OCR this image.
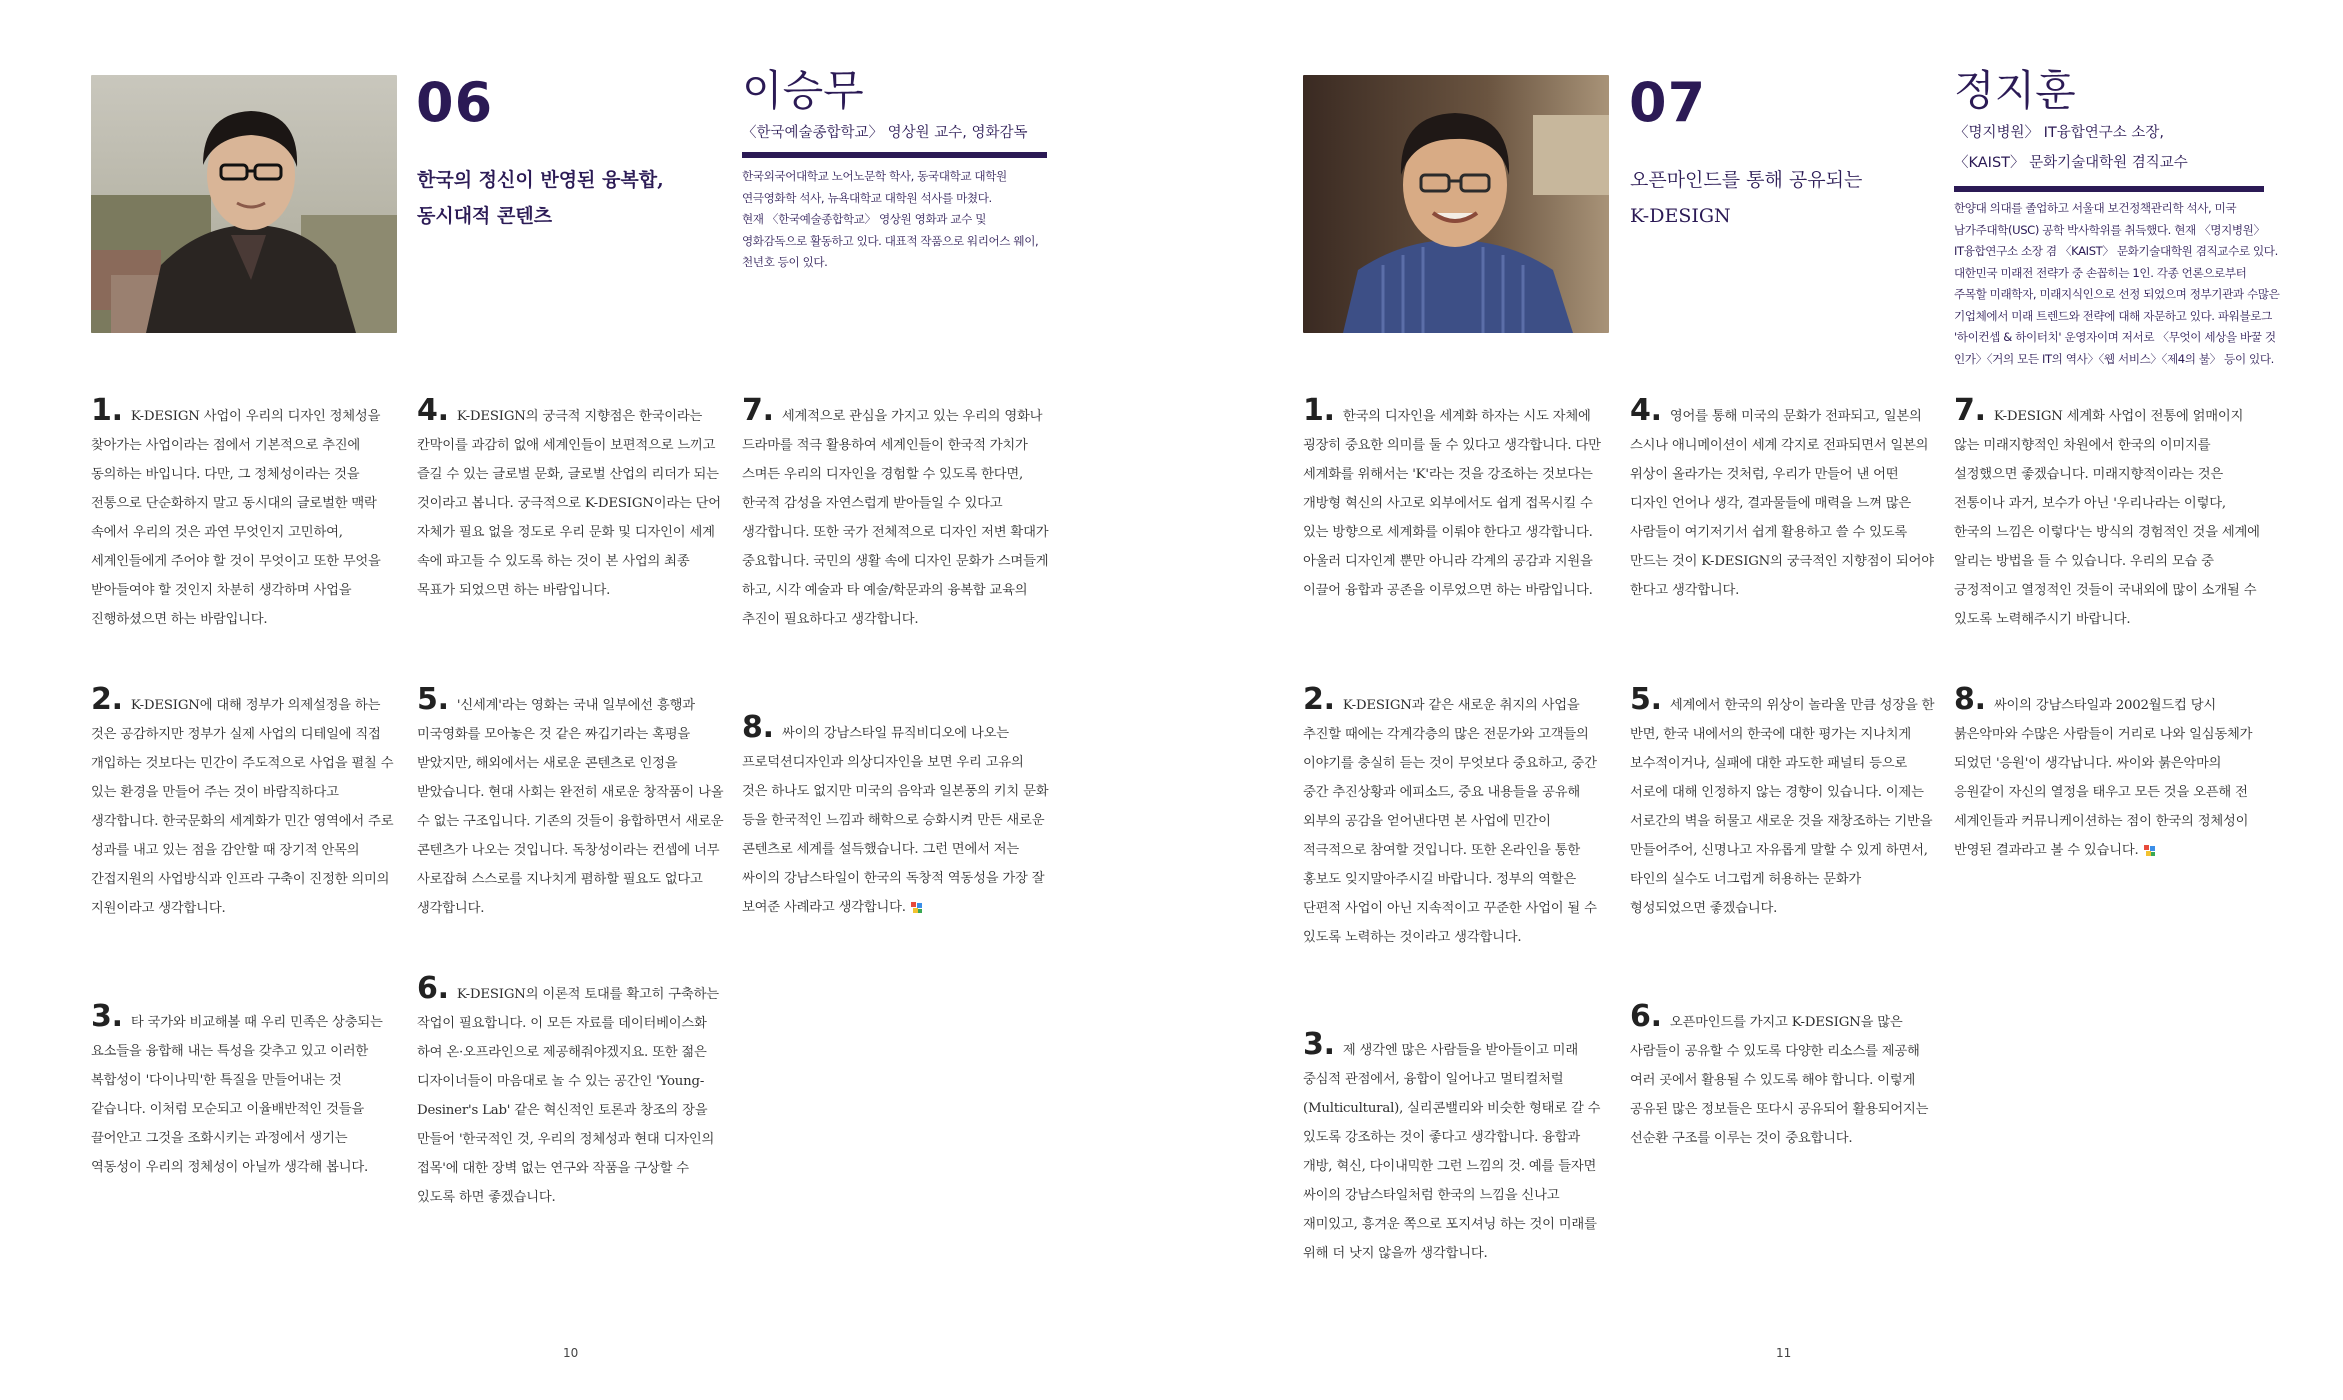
06
한국의 정신이 반영된 융복합,
동시대적 콘텐츠
이승무
〈한국예술종합학교〉 영상원 교수, 영화감독
한국외국어대학교 노어노문학 학사, 동국대학교 대학원
연극영화학 석사, 뉴욕대학교 대학원 석사를 마쳤다.
현재 〈한국예술종합학교〉 영상원 영화과 교수 및
영화감독으로 활동하고 있다. 대표적 작품으로 워리어스 웨이,
천년호 등이 있다.
1. K-DESIGN 사업이 우리의 디자인 정체성을 찾아가는 사업이라는 점에서 기본적으로 추진에 동의하는 바입니다. 다만, 그 정체성이라는 것을 전통으로 단순화하지 말고 동시대의 글로벌한 맥락 속에서 우리의 것은 과연 무엇인지 고민하여, 세계인들에게 주어야 할 것이 무엇이고 또한 무엇을 받아들여야 할 것인지 차분히 생각하며 사업을 진행하셨으면 하는 바람입니다.
2. K-DESIGN에 대해 정부가 의제설정을 하는 것은 공감하지만 정부가 실제 사업의 디테일에 직접 개입하는 것보다는 민간이 주도적으로 사업을 펼칠 수 있는 환경을 만들어 주는 것이 바람직하다고 생각합니다. 한국문화의 세계화가 민간 영역에서 주로 성과를 내고 있는 점을 감안할 때 장기적 안목의 간접지원의 사업방식과 인프라 구축이 진정한 의미의 지원이라고 생각합니다.
3. 타 국가와 비교해볼 때 우리 민족은 상충되는 요소들을 융합해 내는 특성을 갖추고 있고 이러한 복합성이 '다이나믹'한 특질을 만들어내는 것 같습니다. 이처럼 모순되고 이율배반적인 것들을 끌어안고 그것을 조화시키는 과정에서 생기는 역동성이 우리의 정체성이 아닐까 생각해 봅니다.
4. K-DESIGN의 궁극적 지향점은 한국이라는 칸막이를 과감히 없애 세계인들이 보편적으로 느끼고 즐길 수 있는 글로벌 문화, 글로벌 산업의 리더가 되는 것이라고 봅니다. 궁극적으로 K-DESIGN이라는 단어 자체가 필요 없을 정도로 우리 문화 및 디자인이 세계 속에 파고들 수 있도록 하는 것이 본 사업의 최종 목표가 되었으면 하는 바람입니다.
5. '신세계'라는 영화는 국내 일부에선 흥행과 미국영화를 모아놓은 것 같은 짜깁기라는 혹평을 받았지만, 해외에서는 새로운 콘텐츠로 인정을 받았습니다. 현대 사회는 완전히 새로운 창작품이 나올 수 없는 구조입니다. 기존의 것들이 융합하면서 새로운 콘텐츠가 나오는 것입니다. 독창성이라는 컨셉에 너무 사로잡혀 스스로를 지나치게 폄하할 필요도 없다고 생각합니다.
6. K-DESIGN의 이론적 토대를 확고히 구축하는 작업이 필요합니다. 이 모든 자료를 데이터베이스화 하여 온·오프라인으로 제공해줘야겠지요. 또한 젊은 디자이너들이 마음대로 놀 수 있는 공간인 'Young-Desiner's Lab' 같은 혁신적인 토론과 창조의 장을 만들어 '한국적인 것, 우리의 정체성과 현대 디자인의 접목'에 대한 장벽 없는 연구와 작품을 구상할 수 있도록 하면 좋겠습니다.
7. 세계적으로 관심을 가지고 있는 우리의 영화나 드라마를 적극 활용하여 세계인들이 한국적 가치가 스며든 우리의 디자인을 경험할 수 있도록 한다면, 한국적 감성을 자연스럽게 받아들일 수 있다고 생각합니다. 또한 국가 전체적으로 디자인 저변 확대가 중요합니다. 국민의 생활 속에 디자인 문화가 스며들게 하고, 시각 예술과 타 예술/학문과의 융복합 교육의 추진이 필요하다고 생각합니다.
8. 싸이의 강남스타일 뮤직비디오에 나오는 프로덕션디자인과 의상디자인을 보면 우리 고유의 것은 하나도 없지만 미국의 음악과 일본풍의 키치 문화 등을 한국적인 느낌과 해학으로 승화시켜 만든 새로운 콘텐츠로 세계를 설득했습니다. 그런 면에서 저는 싸이의 강남스타일이 한국의 독창적 역동성을 가장 잘 보여준 사례라고 생각합니다.
10
07
오픈마인드를 통해 공유되는
K-DESIGN
정지훈
〈명지병원〉 IT융합연구소 소장,
〈KAIST〉 문화기술대학원 겸직교수
한양대 의대를 졸업하고 서울대 보건정책관리학 석사, 미국
남가주대학(USC) 공학 박사학위를 취득했다. 현재 〈명지병원〉
IT융합연구소 소장 겸 〈KAIST〉 문화기술대학원 겸직교수로 있다.
대한민국 미래전 전략가 중 손꼽히는 1인. 각종 언론으로부터
주목할 미래학자, 미래지식인으로 선정 되었으며 정부기관과 수많은
기업체에서 미래 트렌드와 전략에 대해 자문하고 있다. 파워블로그
'하이컨셉 & 하이터치' 운영자이며 저서로 〈무엇이 세상을 바꿀 것
인가〉〈거의 모든 IT의 역사〉〈웹 서비스〉〈제4의 불〉 등이 있다.
1. 한국의 디자인을 세계화 하자는 시도 자체에 굉장히 중요한 의미를 둘 수 있다고 생각합니다. 다만 세계화를 위해서는 'K'라는 것을 강조하는 것보다는 개방형 혁신의 사고로 외부에서도 쉽게 접목시킬 수 있는 방향으로 세계화를 이뤄야 한다고 생각합니다. 아울러 디자인계 뿐만 아니라 각계의 공감과 지원을 이끌어 융합과 공존을 이루었으면 하는 바람입니다.
2. K-DESIGN과 같은 새로운 취지의 사업을 추진할 때에는 각계각층의 많은 전문가와 고객들의 이야기를 충실히 듣는 것이 무엇보다 중요하고, 중간 중간 추진상황과 에피소드, 중요 내용들을 공유해 외부의 공감을 얻어낸다면 본 사업에 민간이 적극적으로 참여할 것입니다. 또한 온라인을 통한 홍보도 잊지말아주시길 바랍니다. 정부의 역할은 단편적 사업이 아닌 지속적이고 꾸준한 사업이 될 수 있도록 노력하는 것이라고 생각합니다.
3. 제 생각엔 많은 사람들을 받아들이고 미래 중심적 관점에서, 융합이 일어나고 멀티컬처럴(Multicultural), 실리콘밸리와 비슷한 형태로 갈 수 있도록 강조하는 것이 좋다고 생각합니다. 융합과 개방, 혁신, 다이내믹한 그런 느낌의 것. 예를 들자면 싸이의 강남스타일처럼 한국의 느낌을 신나고 재미있고, 흥겨운 쪽으로 포지셔닝 하는 것이 미래를 위해 더 낫지 않을까 생각합니다.
4. 영어를 통해 미국의 문화가 전파되고, 일본의 스시나 애니메이션이 세계 각지로 전파되면서 일본의 위상이 올라가는 것처럼, 우리가 만들어 낸 어떤 디자인 언어나 생각, 결과물들에 매력을 느껴 많은 사람들이 여기저기서 쉽게 활용하고 쓸 수 있도록 만드는 것이 K-DESIGN의 궁극적인 지향점이 되어야 한다고 생각합니다.
5. 세계에서 한국의 위상이 놀라울 만큼 성장을 한 반면, 한국 내에서의 한국에 대한 평가는 지나치게 보수적이거나, 실패에 대한 과도한 패널티 등으로 서로에 대해 인정하지 않는 경향이 있습니다. 이제는 서로간의 벽을 허물고 새로운 것을 재창조하는 기반을 만들어주어, 신명나고 자유롭게 말할 수 있게 하면서, 타인의 실수도 너그럽게 허용하는 문화가 형성되었으면 좋겠습니다.
6. 오픈마인드를 가지고 K-DESIGN을 많은 사람들이 공유할 수 있도록 다양한 리소스를 제공해 여러 곳에서 활용될 수 있도록 해야 합니다. 이렇게 공유된 많은 정보들은 또다시 공유되어 활용되어지는 선순환 구조를 이루는 것이 중요합니다.
7. K-DESIGN 세계화 사업이 전통에 얽매이지 않는 미래지향적인 차원에서 한국의 이미지를 설정했으면 좋겠습니다. 미래지향적이라는 것은 전통이나 과거, 보수가 아닌 '우리나라는 이렇다, 한국의 느낌은 이렇다'는 방식의 경험적인 것을 세계에 알리는 방법을 들 수 있습니다. 우리의 모습 중 긍정적이고 열정적인 것들이 국내외에 많이 소개될 수 있도록 노력해주시기 바랍니다.
8. 싸이의 강남스타일과 2002월드컵 당시 붉은악마와 수많은 사람들이 거리로 나와 일심동체가 되었던 '응원'이 생각납니다. 싸이와 붉은악마의 응원같이 자신의 열정을 태우고 모든 것을 오픈해 전 세계인들과 커뮤니케이션하는 점이 한국의 정체성이 반영된 결과라고 볼 수 있습니다.
11
